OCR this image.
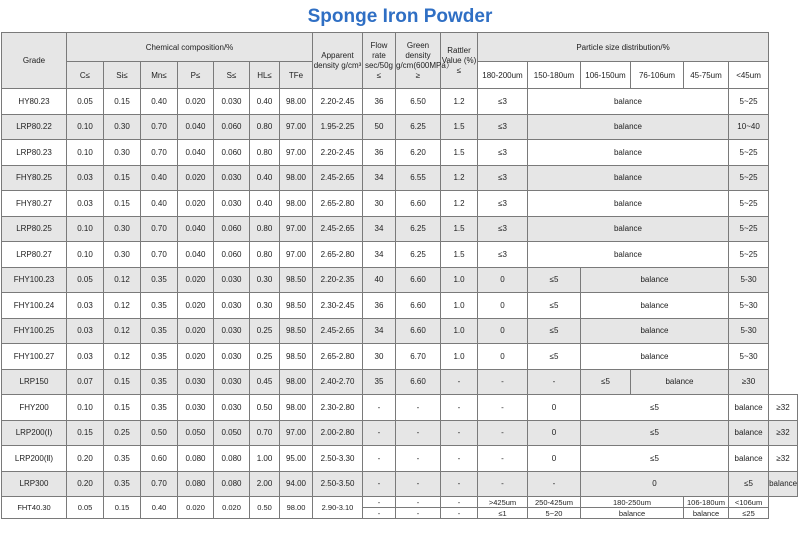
Sponge Iron Powder
Grade	Chemical composition/%							Apparent density g/cm³	Flow rate sec/50g ≤	Green density g/cm(600MPa） ≥	Rattler Value (%) ≤	Particle size distribution/%						
	C≤	Si≤	Mn≤	P≤	S≤	HL≤	TFe					180-200um	150-180um	106-150um	76-106um	45-75um	<45um	
HY80.23	0.05	0.15	0.40	0.020	0.030	0.40	98.00	2.20-2.45	36	6.50	1.2	≤3	balance				5~25	
LRP80.22	0.10	0.30	0.70	0.040	0.060	0.80	97.00	1.95-2.25	50	6.25	1.5	≤3	balance				10~40	
LRP80.23	0.10	0.30	0.70	0.040	0.060	0.80	97.00	2.20-2.45	36	6.20	1.5	≤3	balance				5~25	
FHY80.25	0.03	0.15	0.40	0.020	0.030	0.40	98.00	2.45-2.65	34	6.55	1.2	≤3	balance				5~25	
FHY80.27	0.03	0.15	0.40	0.020	0.030	0.40	98.00	2.65-2.80	30	6.60	1.2	≤3	balance				5~25	
LRP80.25	0.10	0.30	0.70	0.040	0.060	0.80	97.00	2.45-2.65	34	6.25	1.5	≤3	balance				5~25	
LRP80.27	0.10	0.30	0.70	0.040	0.060	0.80	97.00	2.65-2.80	34	6.25	1.5	≤3	balance				5~25	
FHY100.23	0.05	0.12	0.35	0.020	0.030	0.30	98.50	2.20-2.35	40	6.60	1.0	0	≤5	balance			5-30	
FHY100.24	0.03	0.12	0.35	0.020	0.030	0.30	98.50	2.30-2.45	36	6.60	1.0	0	≤5	balance			5~30	
FHY100.25	0.03	0.12	0.35	0.020	0.030	0.25	98.50	2.45-2.65	34	6.60	1.0	0	≤5	balance			5-30	
FHY100.27	0.03	0.12	0.35	0.020	0.030	0.25	98.50	2.65-2.80	30	6.70	1.0	0	≤5	balance			5~30	
LRP150	0.07	0.15	0.35	0.030	0.030	0.45	98.00	2.40-2.70	35	6.60	-	-	-	≤5	balance		≥30	
FHY200	0.10	0.15	0.35	0.030	0.030	0.50	98.00	2.30-2.80	-	-	-	-	0	≤5			balance	≥32
LRP200(Ⅰ)	0.15	0.25	0.50	0.050	0.050	0.70	97.00	2.00-2.80	-	-	-	-	0	≤5			balance	≥32
LRP200(Ⅱ)	0.20	0.35	0.60	0.080	0.080	1.00	95.00	2.50-3.30	-	-	-	-	0	≤5			balance	≥32
LRP300	0.20	0.35	0.70	0.080	0.080	2.00	94.00	2.50-3.50	-	-	-	-	-	0			≤5	balance
FHT40.30	0.05	0.15	0.40	0.020	0.020	0.50	98.00	2.90-3.10	-	-	-	>425um	250-425um	180-250um		106-180um	<106um	
									-	-	-	≤1	5~20	balance		balance	≤25	
